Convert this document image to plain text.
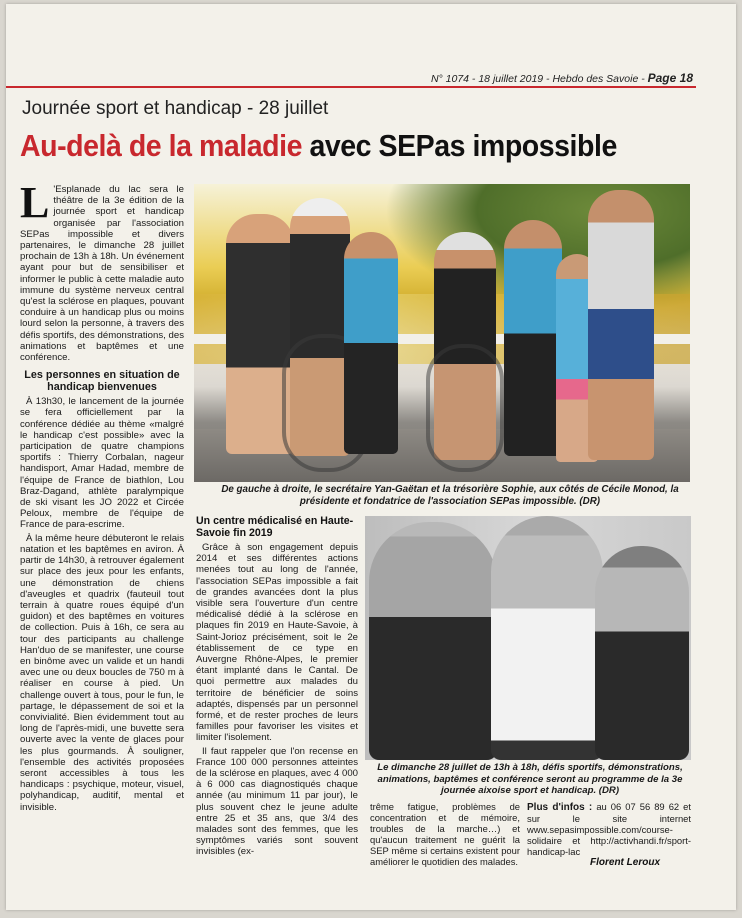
N° 1074 - 18 juillet 2019 - Hebdo des Savoie - Page 18
Journée sport et handicap - 28 juillet
Au-delà de la maladie avec SEPas impossible

L 'Esplanade du lac sera le théâtre de la 3e édition de la journée sport et handicap organisée par l'association SEPas impossible et divers partenaires, le dimanche 28 juillet prochain de 13h à 18h. Un événement ayant pour but de sensibiliser et informer le public à cette maladie auto immune du système nerveux central qu'est la sclérose en plaques, pouvant conduire à un handicap plus ou moins lourd selon la personne, à travers des défis sportifs, des démonstrations, des animations et baptêmes et une conférence.

Les personnes en situation de handicap bienvenues

À 13h30, le lancement de la journée se fera officiellement par la conférence dédiée au thème «malgré le handicap c'est possible» avec la participation de quatre champions sportifs : Thierry Corbalan, nageur handisport, Amar Hadad, membre de l'équipe de France de biathlon, Lou Braz-Dagand, athlète paralympique de ski visant les JO 2022 et Circée Peloux, membre de l'équipe de France de para-escrime.

À la même heure débuteront le relais natation et les baptêmes en aviron. À partir de 14h30, à retrouver également sur place des jeux pour les enfants, une démonstration de chiens d'aveugles et quadrix (fauteuil tout terrain à quatre roues équipé d'un guidon) et des baptêmes en voitures de collection. Puis à 16h, ce sera au tour des participants au challenge Han'duo de se manifester, une course en binôme avec un valide et un handi avec une ou deux boucles de 750 m à réaliser en course à pied. Un challenge ouvert à tous, pour le fun, le partage, le dépassement de soi et la convivialité. Bien évidemment tout au long de l'après-midi, une buvette sera ouverte avec la vente de glaces pour les plus gourmands. À souligner, l'ensemble des activités proposées seront accessibles à tous les handicaps : psychique, moteur, visuel, polyhandicap, auditif, mental et invisible.

De gauche à droite, le secrétaire Yan-Gaëtan et la trésorière Sophie, aux côtés de Cécile Monod, la présidente et fondatrice de l'association SEPas impossible. (DR)
Un centre médicalisé en Haute-Savoie fin 2019

Grâce à son engagement depuis 2014 et ses différentes actions menées tout au long de l'année, l'association SEPas impossible a fait de grandes avancées dont la plus visible sera l'ouverture d'un centre médicalisé dédié à la sclérose en plaques fin 2019 en Haute-Savoie, à Saint-Jorioz précisément, soit le 2e établissement de ce type en Auvergne Rhône-Alpes, le premier étant implanté dans le Cantal. De quoi permettre aux malades du territoire de bénéficier de soins adaptés, dispensés par un personnel formé, et de rester proches de leurs familles pour favoriser les visites et limiter l'isolement.

Il faut rappeler que l'on recense en France 100 000 personnes atteintes de la sclérose en plaques, avec 4 000 à 6 000 cas diagnostiqués chaque année (au minimum 11 par jour), le plus souvent chez le jeune adulte entre 25 et 35 ans, que 3/4 des malades sont des femmes, que les symptômes variés sont souvent invisibles (ex-

Le dimanche 28 juillet de 13h à 18h, défis sportifs, démonstrations, animations, baptêmes et conférence seront au programme de la 3e journée aixoise sport et handicap. (DR)
trême fatigue, problèmes de concentration et de mémoire, troubles de la marche…) et qu'aucun traitement ne guérit la SEP même si certains existent pour améliorer le quotidien des malades.
Plus d'infos : au 06 07 56 89 62 et sur le site internet www.sepasimpossible.com/course-solidaire et http://activhandi.fr/sport-handicap-lac
Florent Leroux
